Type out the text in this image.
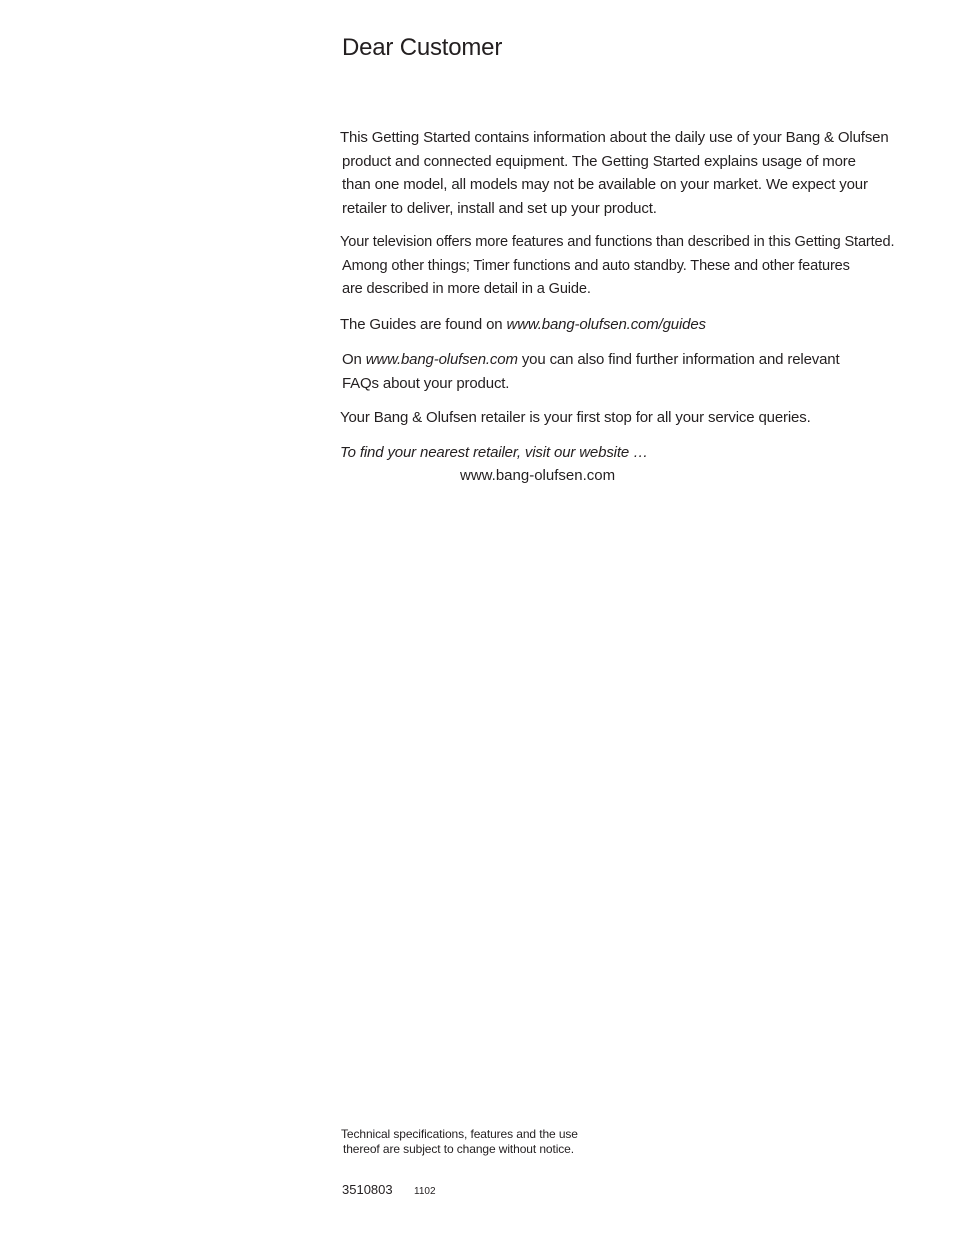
Dear Customer

This Getting Started contains information about the daily use of your Bang & Olufsen
product and connected equipment. The Getting Started explains usage of more
than one model, all models may not be available on your market. We expect your
retailer to deliver, install and set up your product.

Your television offers more features and functions than described in this Getting Started.
Among other things; Timer functions and auto standby. These and other features
are described in more detail in a Guide.

The Guides are found on www.bang-olufsen.com/guides

On www.bang-olufsen.com you can also find further information and relevant
FAQs about your product.

Your Bang & Olufsen retailer is your first stop for all your service queries.

To find your nearest retailer, visit our website …

www.bang-olufsen.com

Technical specifications, features and the use
thereof are subject to change without notice.

3510803 1102
